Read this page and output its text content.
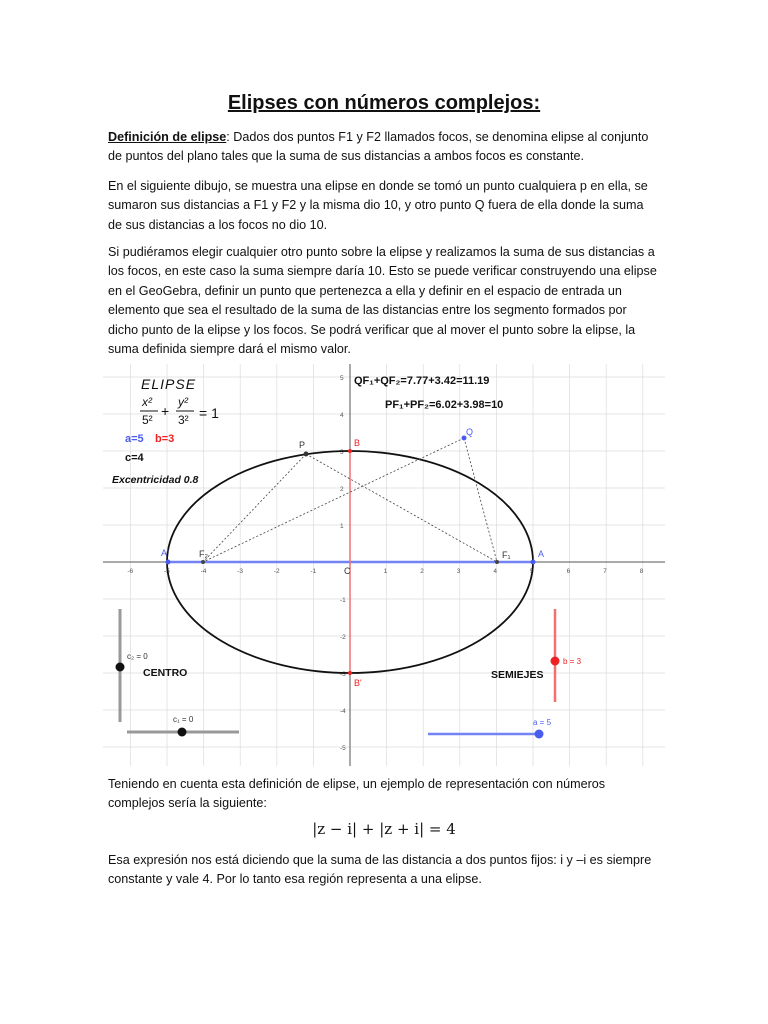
Elipses con números complejos:
Definición de elipse: Dados dos puntos F1 y F2 llamados focos, se denomina elipse al conjunto de puntos del plano tales que la suma de sus distancias a ambos focos es constante.
En el siguiente dibujo, se muestra una elipse en donde se tomó un punto cualquiera p en ella, se sumaron sus distancias a F1 y F2 y la misma dio 10, y otro punto Q fuera de ella donde la suma de sus distancias a los focos no dio 10.
Si pudiéramos elegir cualquier otro punto sobre la elipse y realizamos la suma de sus distancias a los focos, en este caso la suma siempre daría 10. Esto se puede verificar construyendo una elipse en el GeoGebra, definir un punto que pertenezca a ella y definir en el espacio de entrada un elemento que sea el resultado de la suma de las distancias entre los segmento formados por dicho punto de la elipse y los focos. Se podrá verificar que al mover el punto sobre la elipse, la suma definida siempre dará el mismo valor.
-6	-5	-4	-3	-2	-1	1	2	3	4	5	6	7	8
5
4
3
2
1
-1
-2
-3
-4
-5
P
Q
B
B'
A
A'	F₁
F₂
C
ELIPSE
x²
5²
+
y²
3² = 1
a=5 b=3
c=4
Excentricidad 0.8
QF₁+QF₂=7.77+3.42=11.19
PF₁+PF₂=6.02+3.98=10
c₂ = 0
CENTRO
c₁ = 0
b = 3
SEMIEJES
a = 5
Teniendo en cuenta esta definición de elipse, un ejemplo de representación con números complejos sería la siguiente:
|z − i| + |z + i| = 4
Esa expresión nos está diciendo que la suma de las distancia a dos puntos fijos: i y –i es siempre constante y vale 4. Por lo tanto esa región representa a una elipse.
